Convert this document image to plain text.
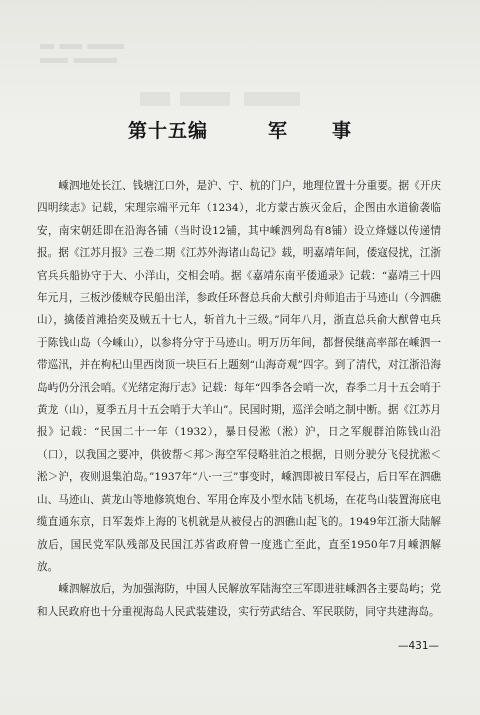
第十五编	军 事

嵊泗地处长江、钱塘江口外，是沪、宁、杭的门户，地理位置十分重要。据《开庆四明续志》记载，宋理宗端平元年（1234），北方蒙古族灭金后，企图由水道偷袭临安，南宋朝廷即在沿海各铺（当时设12铺，其中嵊泗列岛有8铺）设立烽燧以传递情报。据《江苏月报》三卷二期《江苏外海诸山岛记》载，明嘉靖年间，倭寇侵扰，江浙官兵兵船协守于大、小洋山，交相会哨。据《嘉靖东南平倭通录》记载：“嘉靖三十四年元月，三板沙倭贼夺民船出洋，参政任环督总兵俞大猷引舟师追击于马迹山（今泗礁山），擒倭首滩拾奕及贼五十七人，斩首九十三级。”同年八月，浙直总兵俞大猷曾屯兵于陈钱山岛（今嵊山），以参将分守于马迹山。明万历年间，都督侯继高率部在嵊泗一带巡汛，并在枸杞山里西岗顶一块巨石上题刻“山海奇观”四字。到了清代，对江浙沿海岛屿仍分汛会哨。《光绪定海厅志》记载：每年“四季各会哨一次，春季二月十五会哨于黄龙（山），夏季五月十五会哨于大羊山”。民国时期，巡洋会哨之制中断。据《江苏月报》记载：“民国二十一年（1932），暴日侵淞（淞）沪，日之军舰群泊陈钱山沿（口），以我国之要冲，供彼帮＜邦＞海空军侵略驻泊之根据，日则分驶分飞侵扰淞＜淞＞沪，夜则退集泊岛。”1937年“八·一三”事变时，嵊泗即被日军侵占，后日军在泗礁山、马迹山、黄龙山等地修筑炮台、军用仓库及小型水陆飞机场，在花鸟山装置海底电缆直通东京，日军轰炸上海的飞机就是从被侵占的泗礁山起飞的。1949年江浙大陆解放后，国民党军队残部及民国江苏省政府曾一度逃亡至此，直至1950年7月嵊泗解放。

嵊泗解放后，为加强海防，中国人民解放军陆海空三军即进驻嵊泗各主要岛屿；党和人民政府也十分重视海岛人民武装建设，实行劳武结合、军民联防，同守共建海岛。

—431—
